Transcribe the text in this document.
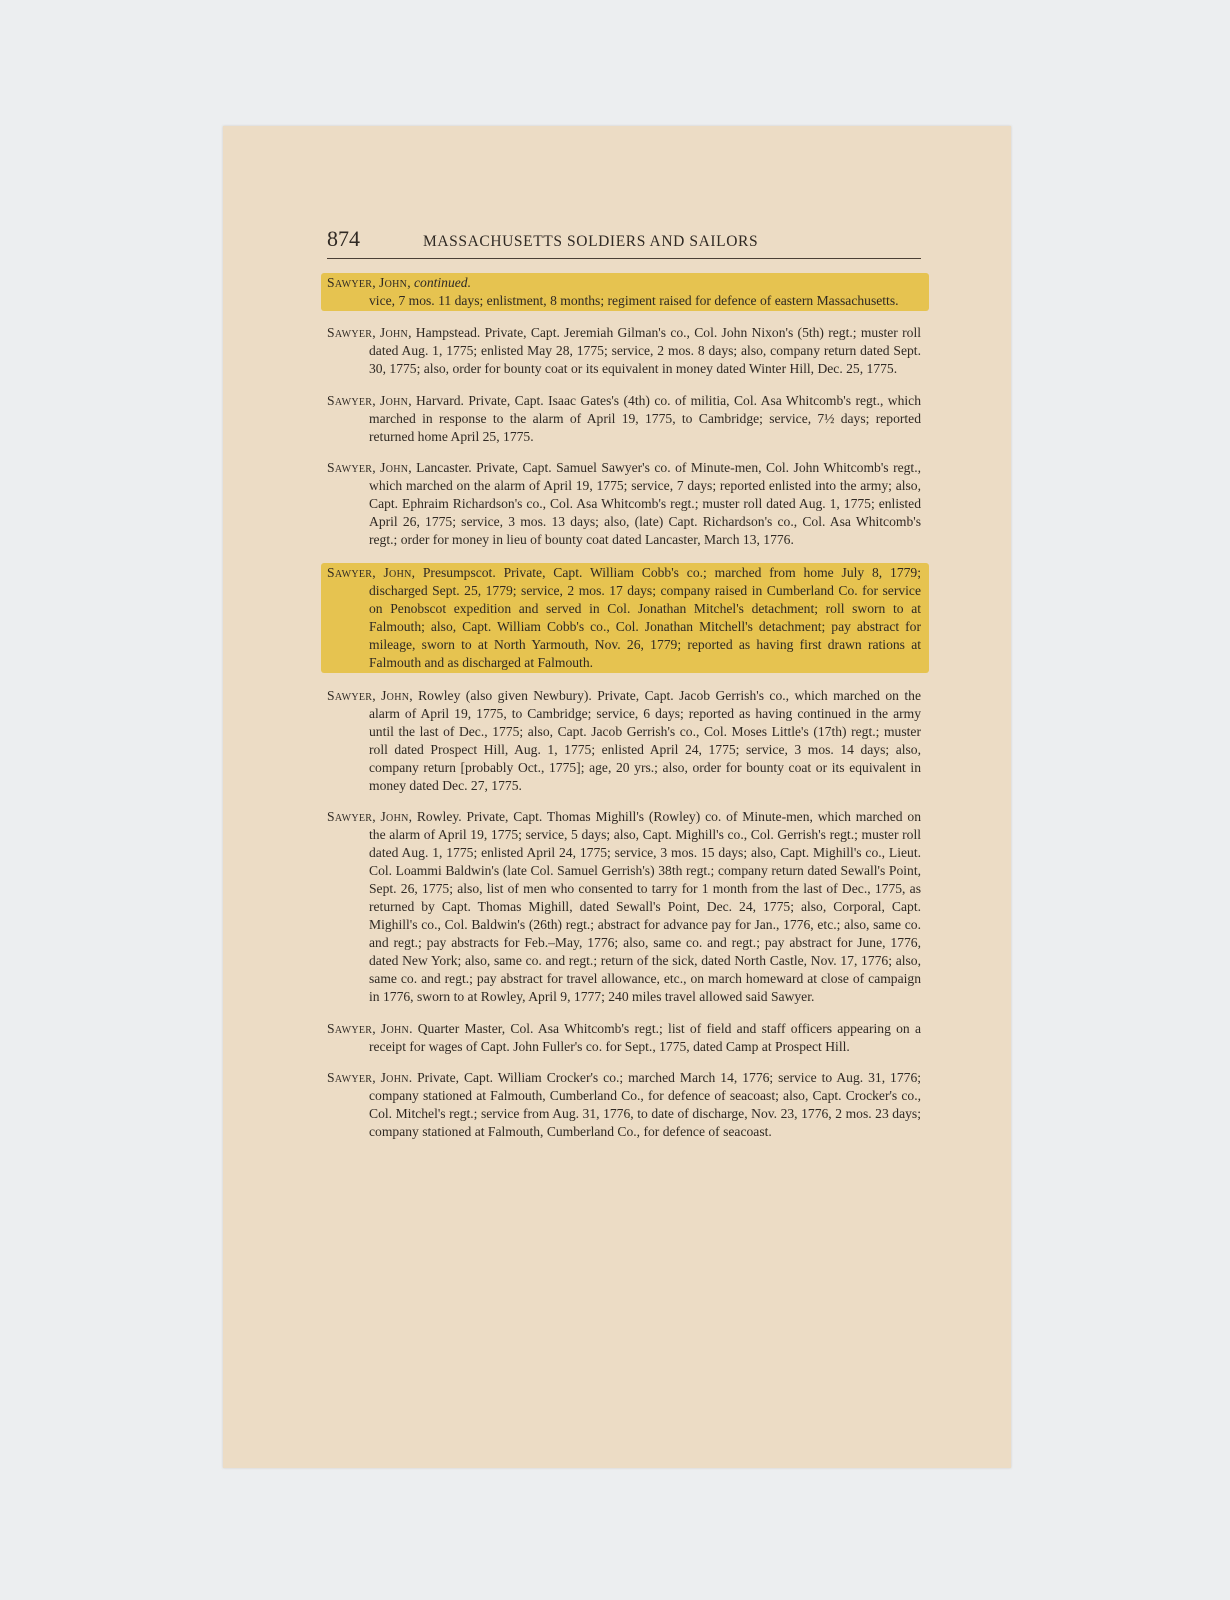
874	MASSACHUSETTS SOLDIERS AND SAILORS

Sawyer, John, continued.
vice, 7 mos. 11 days; enlistment, 8 months; regiment raised for defence of eastern Massachusetts.

Sawyer, John, Hampstead. Private, Capt. Jeremiah Gilman's co., Col. John Nixon's (5th) regt.; muster roll dated Aug. 1, 1775; enlisted May 28, 1775; service, 2 mos. 8 days; also, company return dated Sept. 30, 1775; also, order for bounty coat or its equivalent in money dated Winter Hill, Dec. 25, 1775.

Sawyer, John, Harvard. Private, Capt. Isaac Gates's (4th) co. of militia, Col. Asa Whitcomb's regt., which marched in response to the alarm of April 19, 1775, to Cambridge; service, 7½ days; reported returned home April 25, 1775.

Sawyer, John, Lancaster. Private, Capt. Samuel Sawyer's co. of Minute-men, Col. John Whitcomb's regt., which marched on the alarm of April 19, 1775; service, 7 days; reported enlisted into the army; also, Capt. Ephraim Richardson's co., Col. Asa Whitcomb's regt.; muster roll dated Aug. 1, 1775; enlisted April 26, 1775; service, 3 mos. 13 days; also, (late) Capt. Richardson's co., Col. Asa Whitcomb's regt.; order for money in lieu of bounty coat dated Lancaster, March 13, 1776.

Sawyer, John, Presumpscot. Private, Capt. William Cobb's co.; marched from home July 8, 1779; discharged Sept. 25, 1779; service, 2 mos. 17 days; company raised in Cumberland Co. for service on Penobscot expedition and served in Col. Jonathan Mitchel's detachment; roll sworn to at Falmouth; also, Capt. William Cobb's co., Col. Jonathan Mitchell's detachment; pay abstract for mileage, sworn to at North Yarmouth, Nov. 26, 1779; reported as having first drawn rations at Falmouth and as discharged at Falmouth.

Sawyer, John, Rowley (also given Newbury). Private, Capt. Jacob Gerrish's co., which marched on the alarm of April 19, 1775, to Cambridge; service, 6 days; reported as having continued in the army until the last of Dec., 1775; also, Capt. Jacob Gerrish's co., Col. Moses Little's (17th) regt.; muster roll dated Prospect Hill, Aug. 1, 1775; enlisted April 24, 1775; service, 3 mos. 14 days; also, company return [probably Oct., 1775]; age, 20 yrs.; also, order for bounty coat or its equivalent in money dated Dec. 27, 1775.

Sawyer, John, Rowley. Private, Capt. Thomas Mighill's (Rowley) co. of Minute-men, which marched on the alarm of April 19, 1775; service, 5 days; also, Capt. Mighill's co., Col. Gerrish's regt.; muster roll dated Aug. 1, 1775; enlisted April 24, 1775; service, 3 mos. 15 days; also, Capt. Mighill's co., Lieut. Col. Loammi Baldwin's (late Col. Samuel Gerrish's) 38th regt.; company return dated Sewall's Point, Sept. 26, 1775; also, list of men who consented to tarry for 1 month from the last of Dec., 1775, as returned by Capt. Thomas Mighill, dated Sewall's Point, Dec. 24, 1775; also, Corporal, Capt. Mighill's co., Col. Baldwin's (26th) regt.; abstract for advance pay for Jan., 1776, etc.; also, same co. and regt.; pay abstracts for Feb.–May, 1776; also, same co. and regt.; pay abstract for June, 1776, dated New York; also, same co. and regt.; return of the sick, dated North Castle, Nov. 17, 1776; also, same co. and regt.; pay abstract for travel allowance, etc., on march homeward at close of campaign in 1776, sworn to at Rowley, April 9, 1777; 240 miles travel allowed said Sawyer.

Sawyer, John. Quarter Master, Col. Asa Whitcomb's regt.; list of field and staff officers appearing on a receipt for wages of Capt. John Fuller's co. for Sept., 1775, dated Camp at Prospect Hill.

Sawyer, John. Private, Capt. William Crocker's co.; marched March 14, 1776; service to Aug. 31, 1776; company stationed at Falmouth, Cumberland Co., for defence of seacoast; also, Capt. Crocker's co., Col. Mitchel's regt.; service from Aug. 31, 1776, to date of discharge, Nov. 23, 1776, 2 mos. 23 days; company stationed at Falmouth, Cumberland Co., for defence of seacoast.
